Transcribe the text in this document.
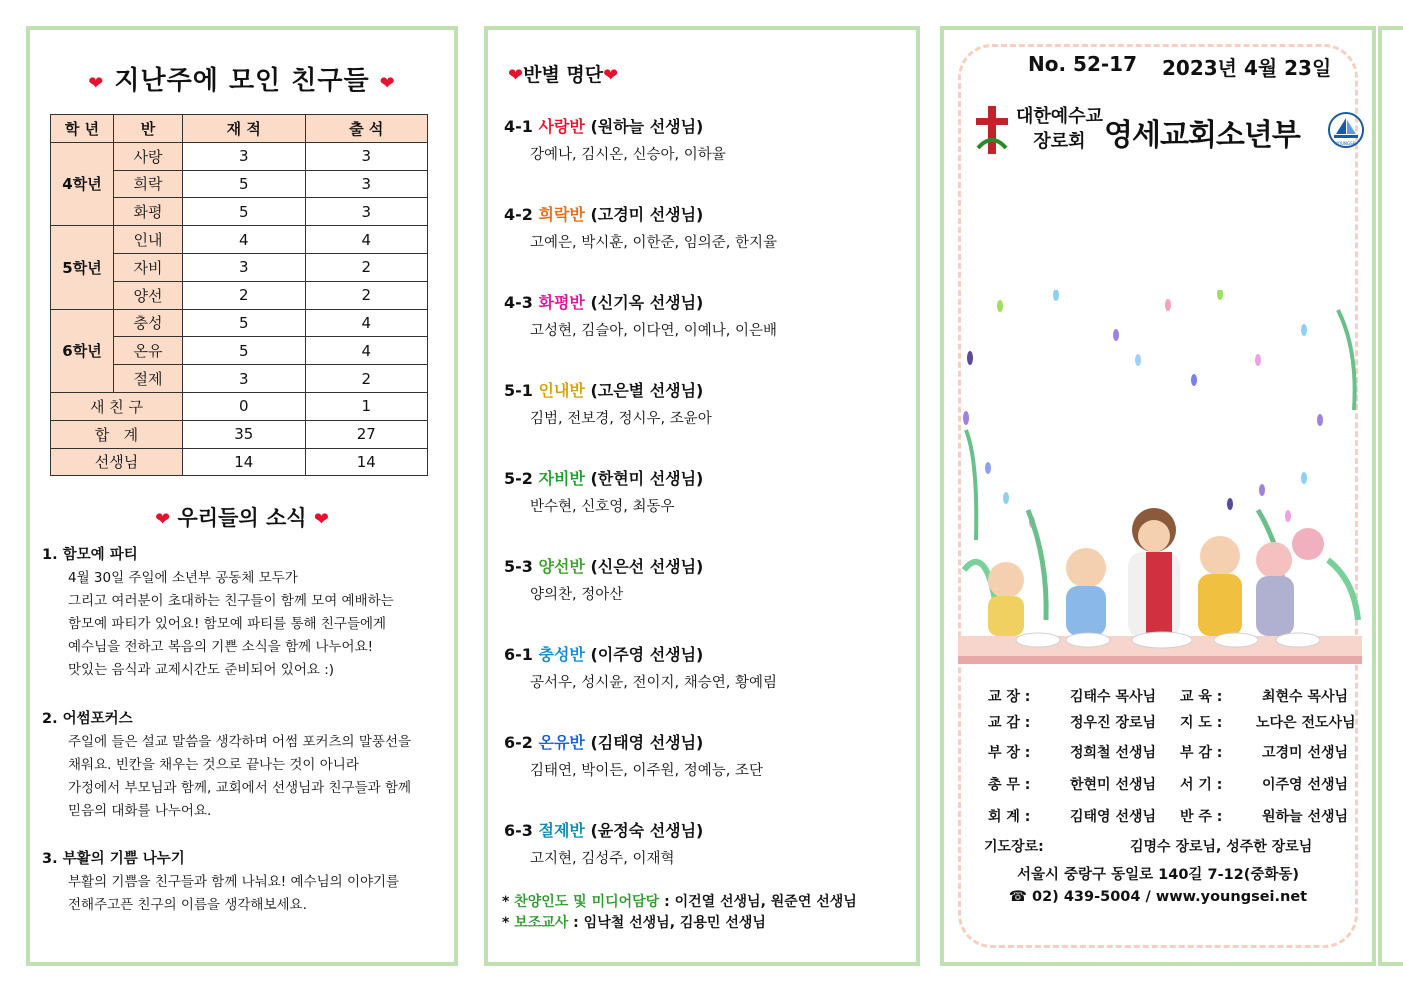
❤ 지난주에 모인 친구들 ❤
학 년	반	재 적	출 석
4학년	사랑	3	3
	희락	5	3
	화평	5	3
5학년	인내	4	4
	자비	3	2
	양선	2	2
6학년	충성	5	4
	온유	5	4
	절제	3	2
새 친 구		0	1
합   계		35	27
선생님		14	14
❤ 우리들의 소식 ❤
1. 함모예 파티
4월 30일 주일에 소년부 공동체 모두가
그리고 여러분이 초대하는 친구들이 함께 모여 예배하는
함모예 파티가 있어요! 함모예 파티를 통해 친구들에게
예수님을 전하고 복음의 기쁜 소식을 함께 나누어요!
맛있는 음식과 교제시간도 준비되어 있어요 :)
2. 어썸포커스
주일에 들은 설교 말씀을 생각하며 어썸 포커츠의 말풍선을
채워요. 빈칸을 채우는 것으로 끝나는 것이 아니라
가정에서 부모님과 함께, 교회에서 선생님과 친구들과 함께
믿음의 대화를 나누어요.
3. 부활의 기쁨 나누기
부활의 기쁨을 친구들과 함께 나눠요! 예수님의 이야기를
전해주고픈 친구의 이름을 생각해보세요.
❤반별 명단❤
4-1 사랑반 (원하늘 선생님)
강예나, 김시온, 신승아, 이하율
4-2 희락반 (고경미 선생님)
고예은, 박시훈, 이한준, 임의준, 한지율
4-3 화평반 (신기옥 선생님)
고성현, 김슬아, 이다연, 이예나, 이은배
5-1 인내반 (고은별 선생님)
김범, 전보경, 정시우, 조윤아
5-2 자비반 (한현미 선생님)
반수현, 신호영, 최동우
5-3 양선반 (신은선 선생님)
양의찬, 정아산
6-1 충성반 (이주영 선생님)
공서우, 성시윤, 전이지, 채승연, 황예림
6-2 온유반 (김태영 선생님)
김태연, 박이든, 이주원, 정예능, 조단
6-3 절제반 (윤정숙 선생님)
고지현, 김성주, 이재혁
* 찬양인도 및 미디어담당 : 이건열 선생님, 원준연 선생님
* 보조교사 : 임낙철 선생님, 김용민 선생님
No. 52-17 2023년 4월 23일
대한예수교
장로회 영세교회소년부	YOUNGSEI
교 장 :	김태수 목사님 교 육 :	최현수 목사님
교 감 :	정우진 장로님 지 도 : 노다은 전도사님
부 장 :	정희철 선생님 부 감 :	고경미 선생님
총 무 :	한현미 선생님 서 기 :	이주영 선생님
회 계 :	김태영 선생님 반 주 :	원하늘 선생님
기도장로:	김명수 장로님, 성주한 장로님
서울시 중랑구 동일로 140길 7-12(중화동)
☎ 02) 439-5004 / www.youngsei.net
